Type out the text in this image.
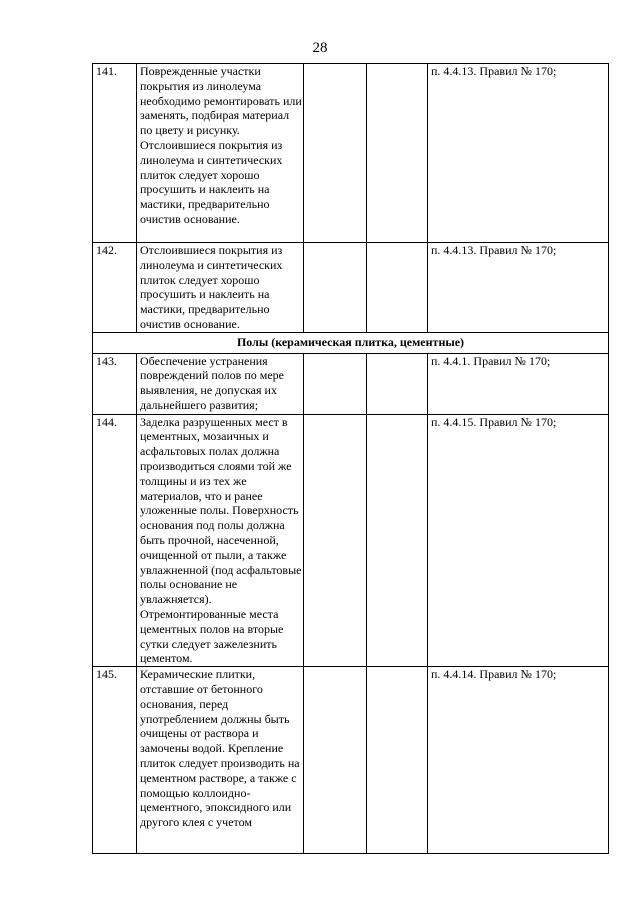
28
141.	Поврежденные участки покрытия из линолеума необходимо ремонтировать или заменять, подбирая материал по цвету и рисунку. Отслоившиеся покрытия из линолеума и синтетических плиток следует хорошо просушить и наклеить на мастики, предварительно очистив основание.			п. 4.4.13. Правил № 170;
142.	Отслоившиеся покрытия из линолеума и синтетических плиток следует хорошо просушить и наклеить на мастики, предварительно очистив основание.			п. 4.4.13. Правил № 170;
Полы (керамическая плитка, цементные)				
143.	Обеспечение устранения повреждений полов по мере выявления, не допуская их дальнейшего развития;			п. 4.4.1. Правил № 170;
144.	Заделка разрушенных мест в цементных, мозаичных и асфальтовых полах должна производиться слоями той же толщины и из тех же материалов, что и ранее уложенные полы. Поверхность основания под полы должна быть прочной, насеченной, очищенной от пыли, а также увлажненной (под асфальтовые полы основание не увлажняется). Отремонтированные места цементных полов на вторые сутки следует зажелезнить цементом.			п. 4.4.15. Правил № 170;
145.	Керамические плитки, отставшие от бетонного основания, перед употреблением должны быть очищены от раствора и замочены водой. Крепление плиток следует производить на цементном растворе, а также с помощью коллоидно-цементного, эпоксидного или другого клея с учетом			п. 4.4.14. Правил № 170;
